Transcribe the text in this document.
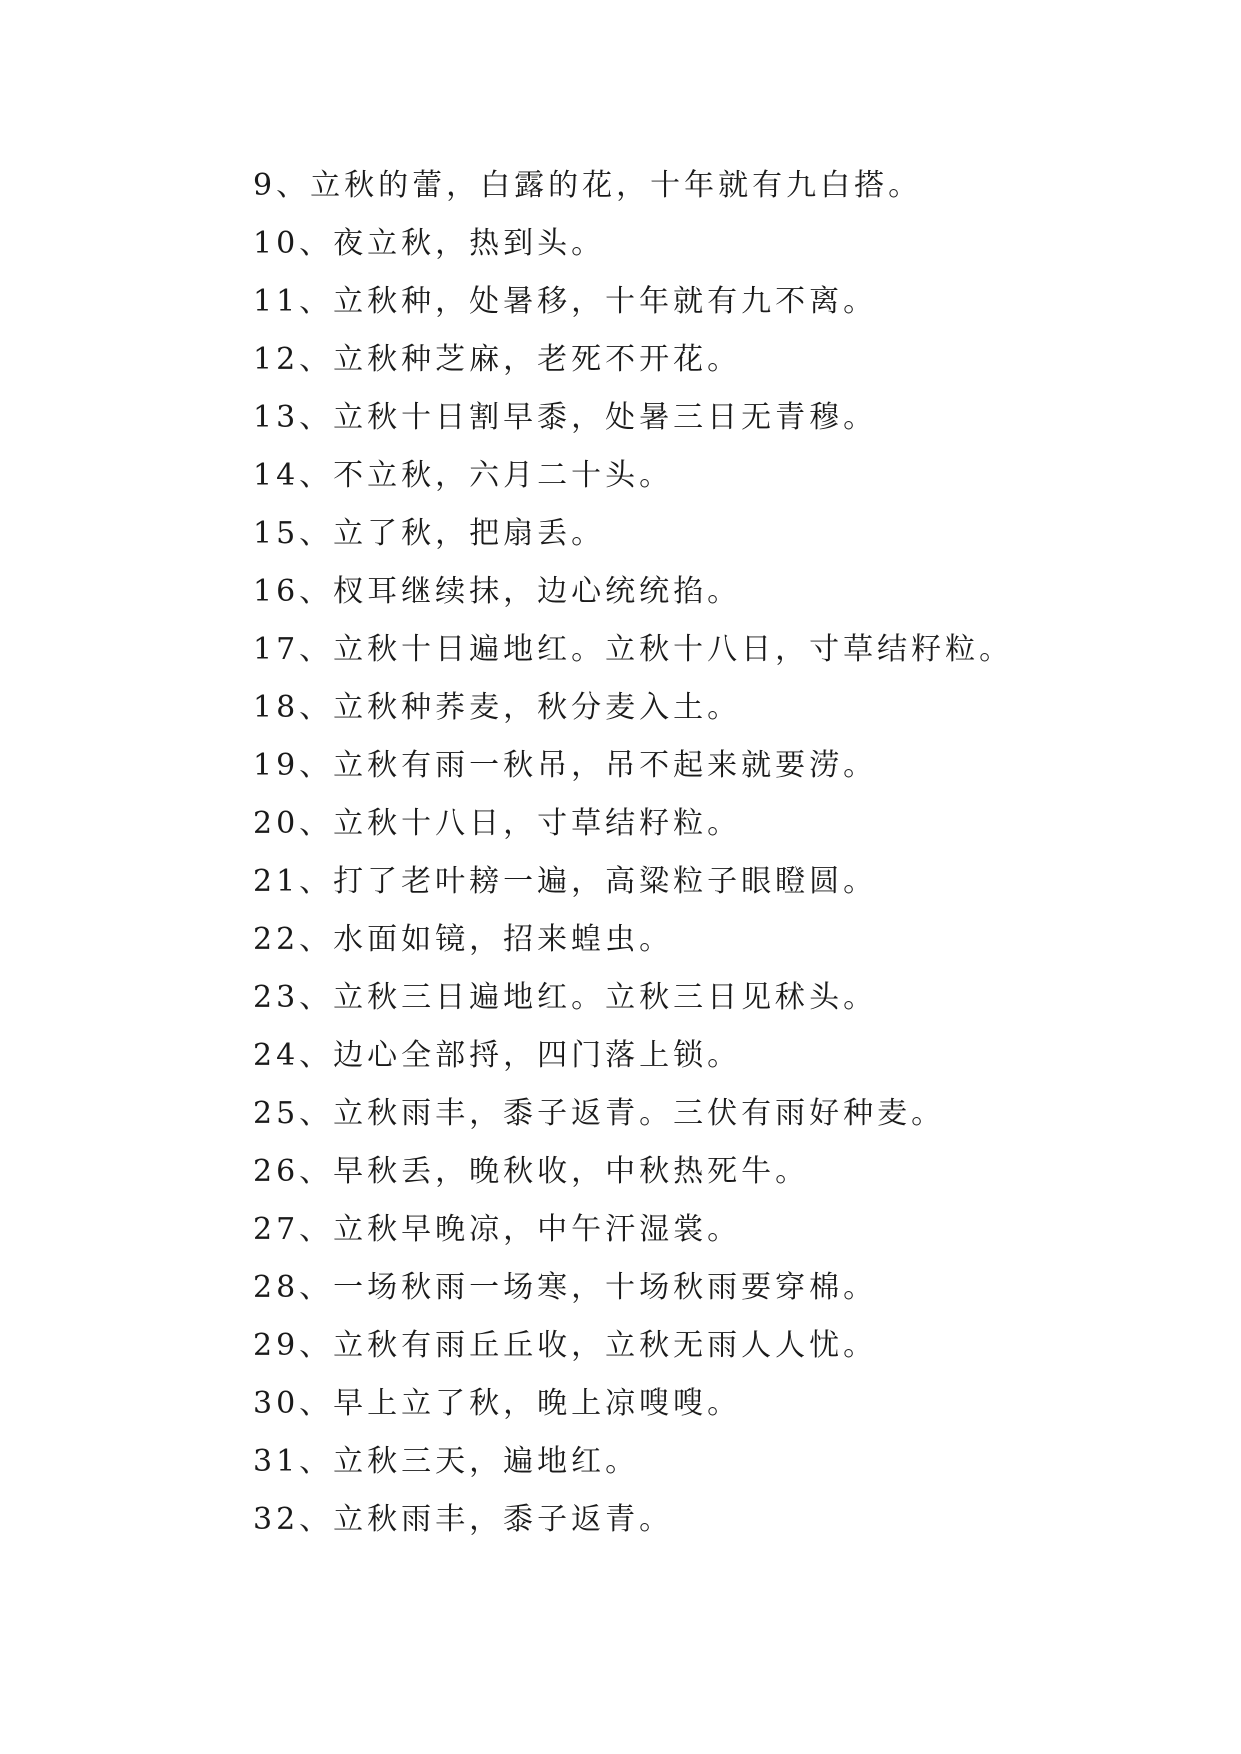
9、立秋的蕾，白露的花，十年就有九白搭。
10、夜立秋，热到头。
11、立秋种，处暑移，十年就有九不离。
12、立秋种芝麻，老死不开花。
13、立秋十日割早黍，处暑三日无青穆。
14、不立秋，六月二十头。
15、立了秋，把扇丢。
16、杈耳继续抹，边心统统掐。
17、立秋十日遍地红。立秋十八日，寸草结籽粒。
18、立秋种荞麦，秋分麦入土。
19、立秋有雨一秋吊，吊不起来就要涝。
20、立秋十八日，寸草结籽粒。
21、打了老叶耪一遍，高粱粒子眼瞪圆。
22、水面如镜，招来蝗虫。
23、立秋三日遍地红。立秋三日见秫头。
24、边心全部捋，四门落上锁。
25、立秋雨丰，黍子返青。三伏有雨好种麦。
26、早秋丢，晚秋收，中秋热死牛。
27、立秋早晚凉，中午汗湿裳。
28、一场秋雨一场寒，十场秋雨要穿棉。
29、立秋有雨丘丘收，立秋无雨人人忧。
30、早上立了秋，晚上凉嗖嗖。
31、立秋三天，遍地红。
32、立秋雨丰，黍子返青。
